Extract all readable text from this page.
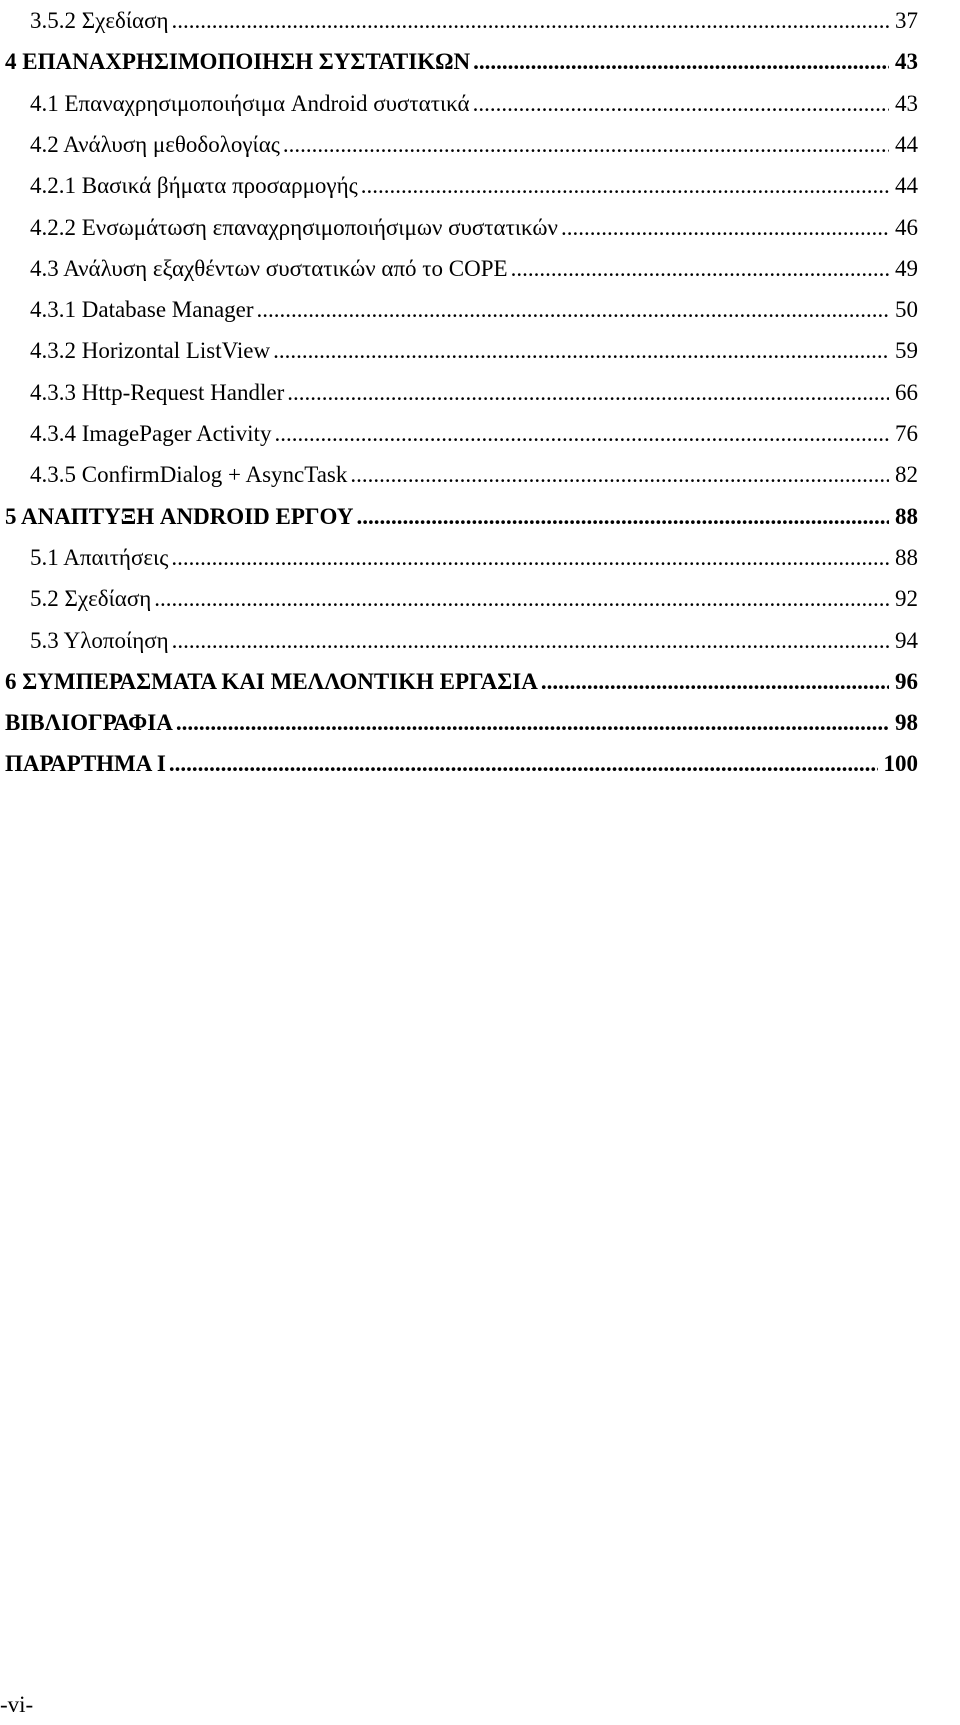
3.5.2 Σχεδίαση .....	37
4 ΕΠΑΝΑΧΡΗΣΙΜΟΠΟΙΗΣΗ ΣΥΣΤΑΤΙΚΩΝ .....	43
4.1 Επαναχρησιμοποιήσιμα Android συστατικά .....	43
4.2 Ανάλυση μεθοδολογίας .....	44
4.2.1 Βασικά βήματα προσαρμογής .....	44
4.2.2 Ενσωμάτωση επαναχρησιμοποιήσιμων συστατικών .....	46
4.3 Ανάλυση εξαχθέντων συστατικών από το COPE .....	49
4.3.1 Database Manager .....	50
4.3.2 Horizontal ListView .....	59
4.3.3 Http-Request Handler .....	66
4.3.4 ImagePager Activity .....	76
4.3.5 ConfirmDialog + AsyncTask .....	82
5 ΑΝΑΠΤΥΞΗ ANDROID ΕΡΓΟΥ .....	88
5.1 Απαιτήσεις .....	88
5.2 Σχεδίαση .....	92
5.3 Υλοποίηση .....	94
6 ΣΥΜΠΕΡΑΣΜΑΤΑ ΚΑΙ ΜΕΛΛΟΝΤΙΚΗ ΕΡΓΑΣΙΑ .....	96
ΒΙΒΛΙΟΓΡΑΦΙΑ .....	98
ΠΑΡΑΡΤΗΜΑ Ι .....	100
-vi-
